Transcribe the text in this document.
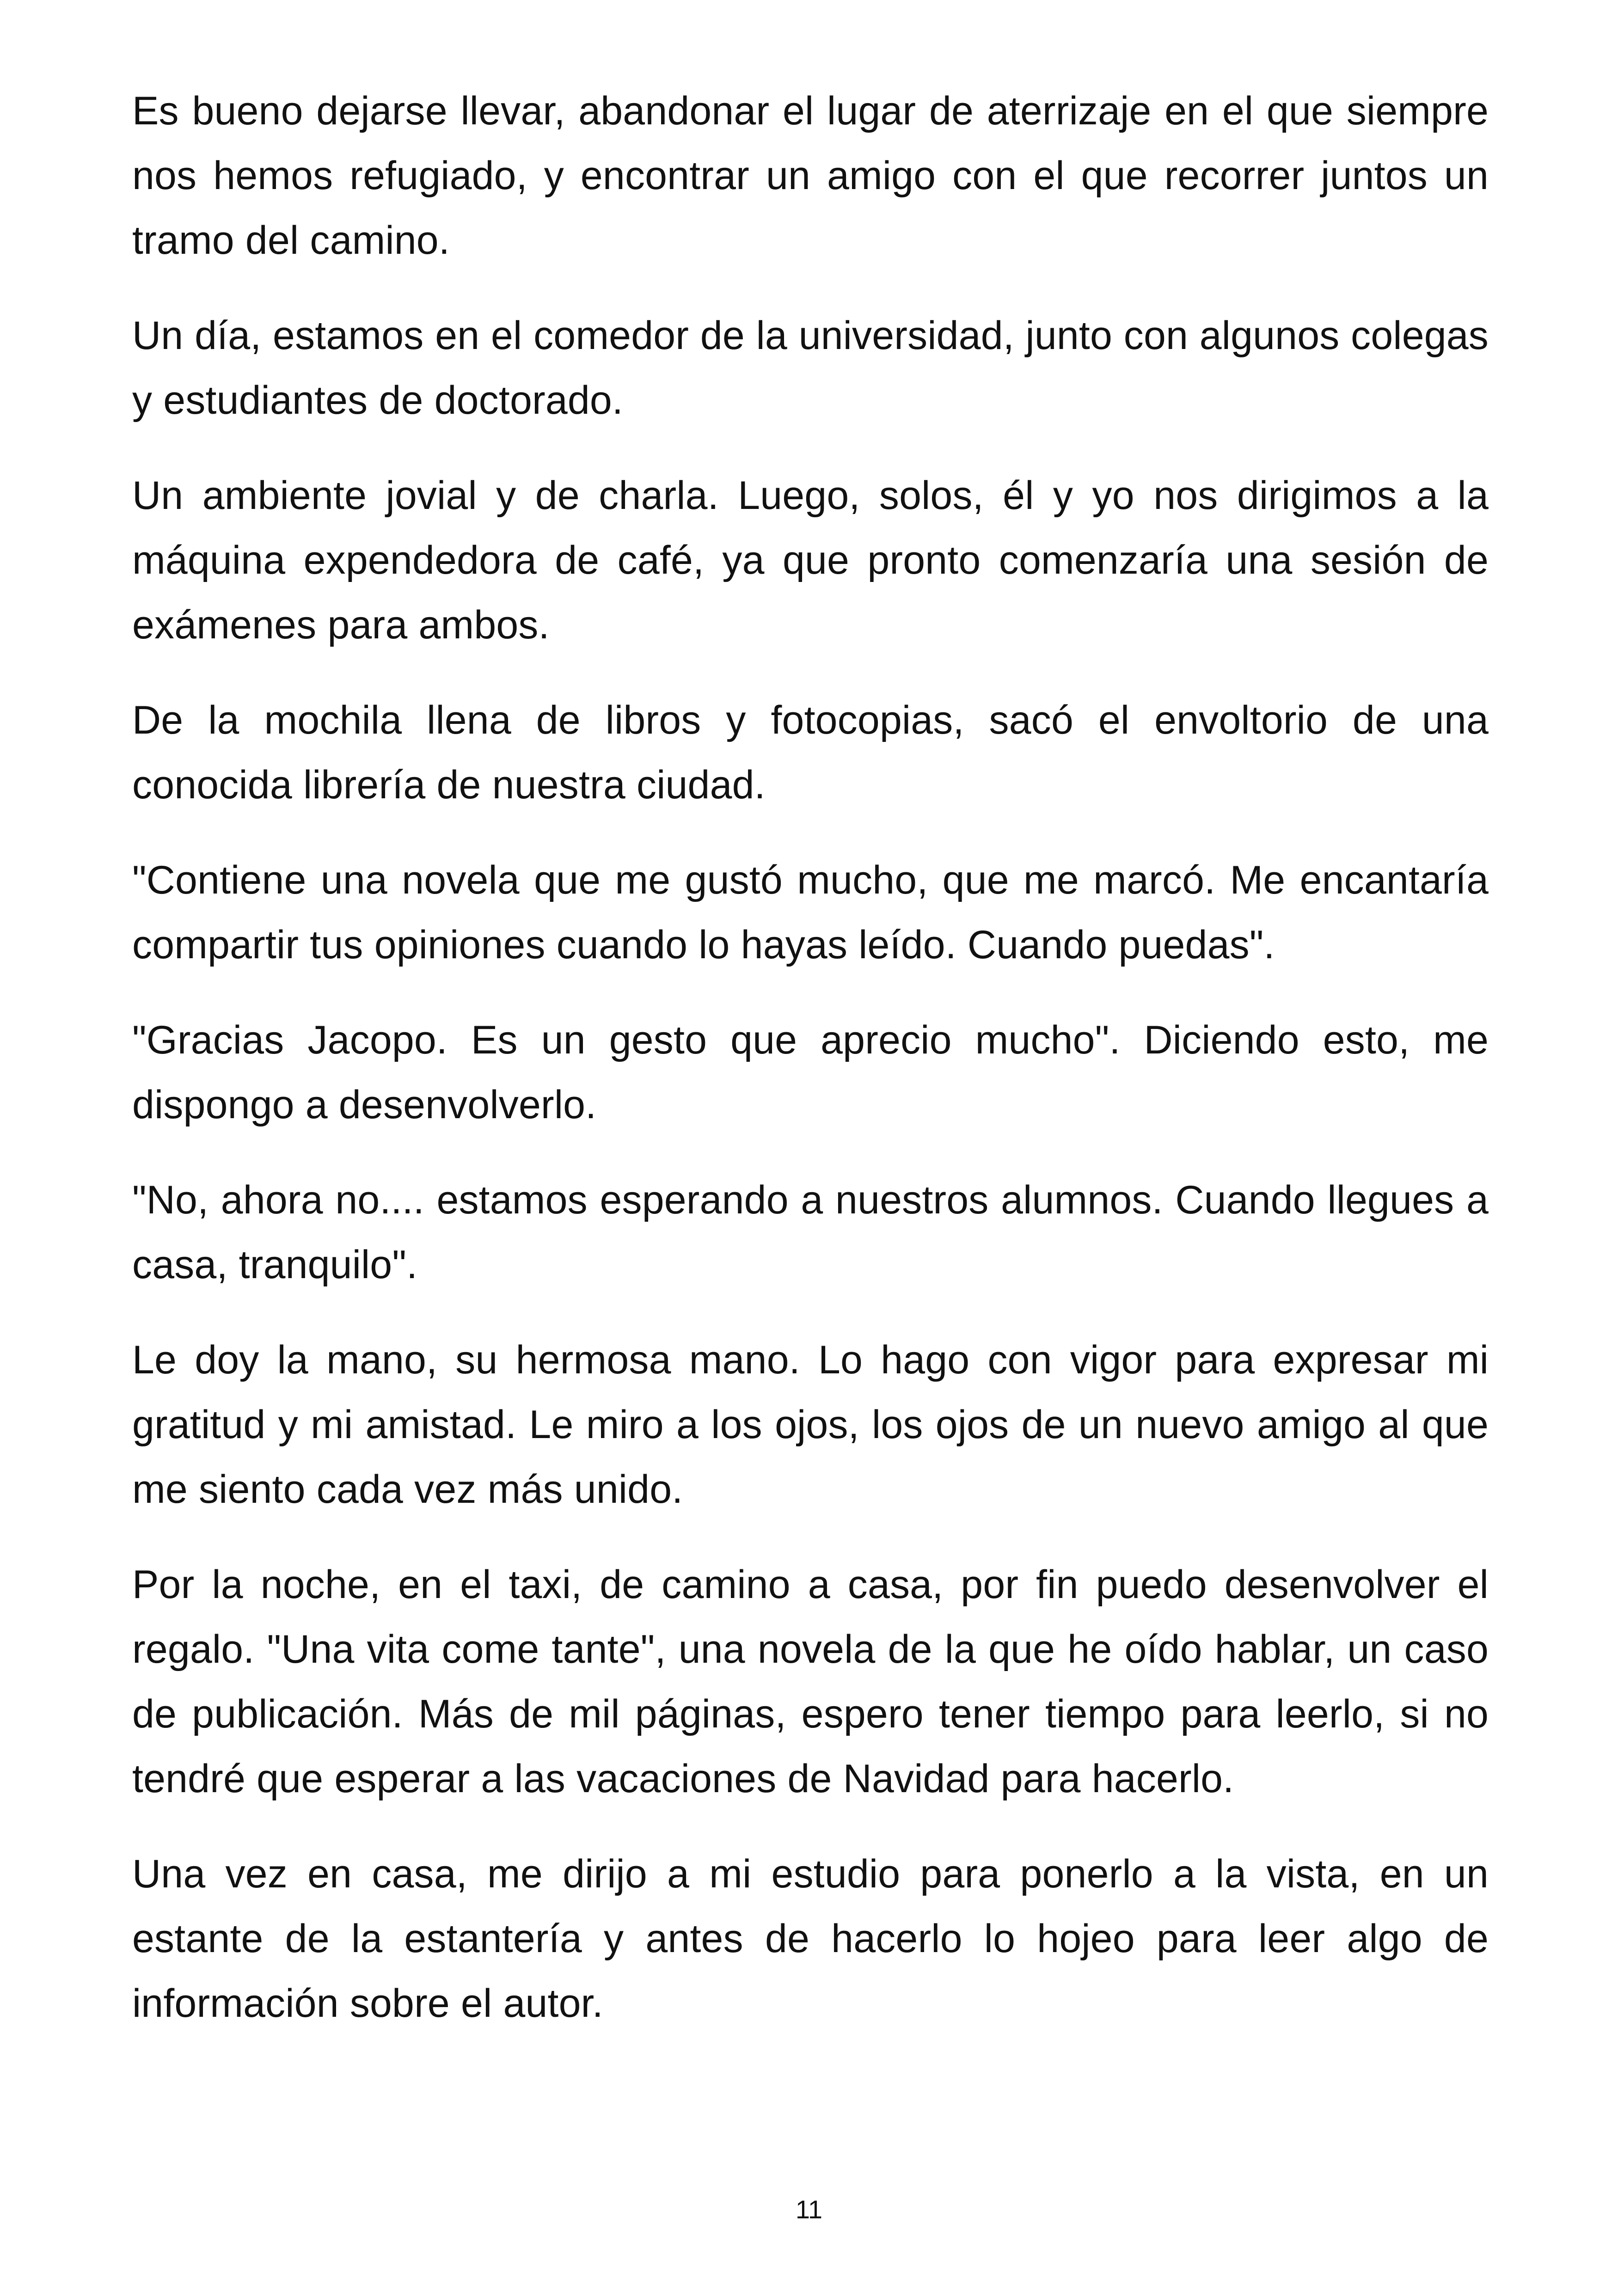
Es bueno dejarse llevar, abandonar el lugar de aterrizaje en el que siempre nos hemos refugiado, y encontrar un amigo con el que recorrer juntos un tramo del camino.

Un día, estamos en el comedor de la universidad, junto con algunos colegas y estudiantes de doctorado.

Un ambiente jovial y de charla. Luego, solos, él y yo nos dirigimos a la máquina expendedora de café, ya que pronto comenzaría una sesión de exámenes para ambos.

De la mochila llena de libros y fotocopias, sacó el envoltorio de una conocida librería de nuestra ciudad.

"Contiene una novela que me gustó mucho, que me marcó. Me encantaría compartir tus opiniones cuando lo hayas leído. Cuando puedas".

"Gracias Jacopo. Es un gesto que aprecio mucho". Diciendo esto, me dispongo a desenvolverlo.

"No, ahora no.... estamos esperando a nuestros alumnos. Cuando llegues a casa, tranquilo".

Le doy la mano, su hermosa mano. Lo hago con vigor para expresar mi gratitud y mi amistad. Le miro a los ojos, los ojos de un nuevo amigo al que me siento cada vez más unido.

Por la noche, en el taxi, de camino a casa, por fin puedo desenvolver el regalo. "Una vita come tante", una novela de la que he oído hablar, un caso de publicación. Más de mil páginas, espero tener tiempo para leerlo, si no tendré que esperar a las vacaciones de Navidad para hacerlo.

Una vez en casa, me dirijo a mi estudio para ponerlo a la vista, en un estante de la estantería y antes de hacerlo lo hojeo para leer algo de información sobre el autor.

11
